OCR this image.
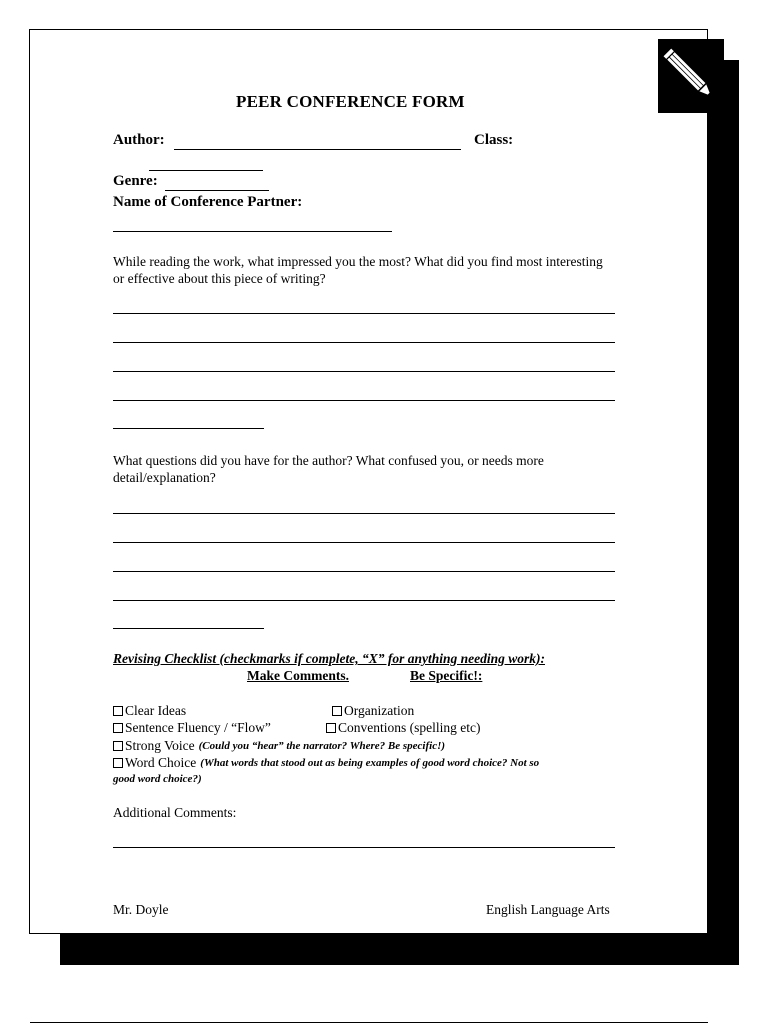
PEER CONFERENCE FORM
Author:	Class:
Genre:
Name of Conference Partner:
While reading the work, what impressed you the most? What did you find most interesting or effective about this piece of writing?
What questions did you have for the author? What confused you, or needs more detail/explanation?
Revising Checklist (checkmarks if complete, “X” for anything needing work):
Make Comments.	Be Specific!:
Clear Ideas	Organization
Sentence Fluency / “Flow”	Conventions (spelling etc)
Strong Voice (Could you “hear” the narrator? Where? Be specific!)
Word Choice (What words that stood out as being examples of good word choice? Not so
good word choice?)
Additional Comments:
Mr. Doyle	English Language Arts
